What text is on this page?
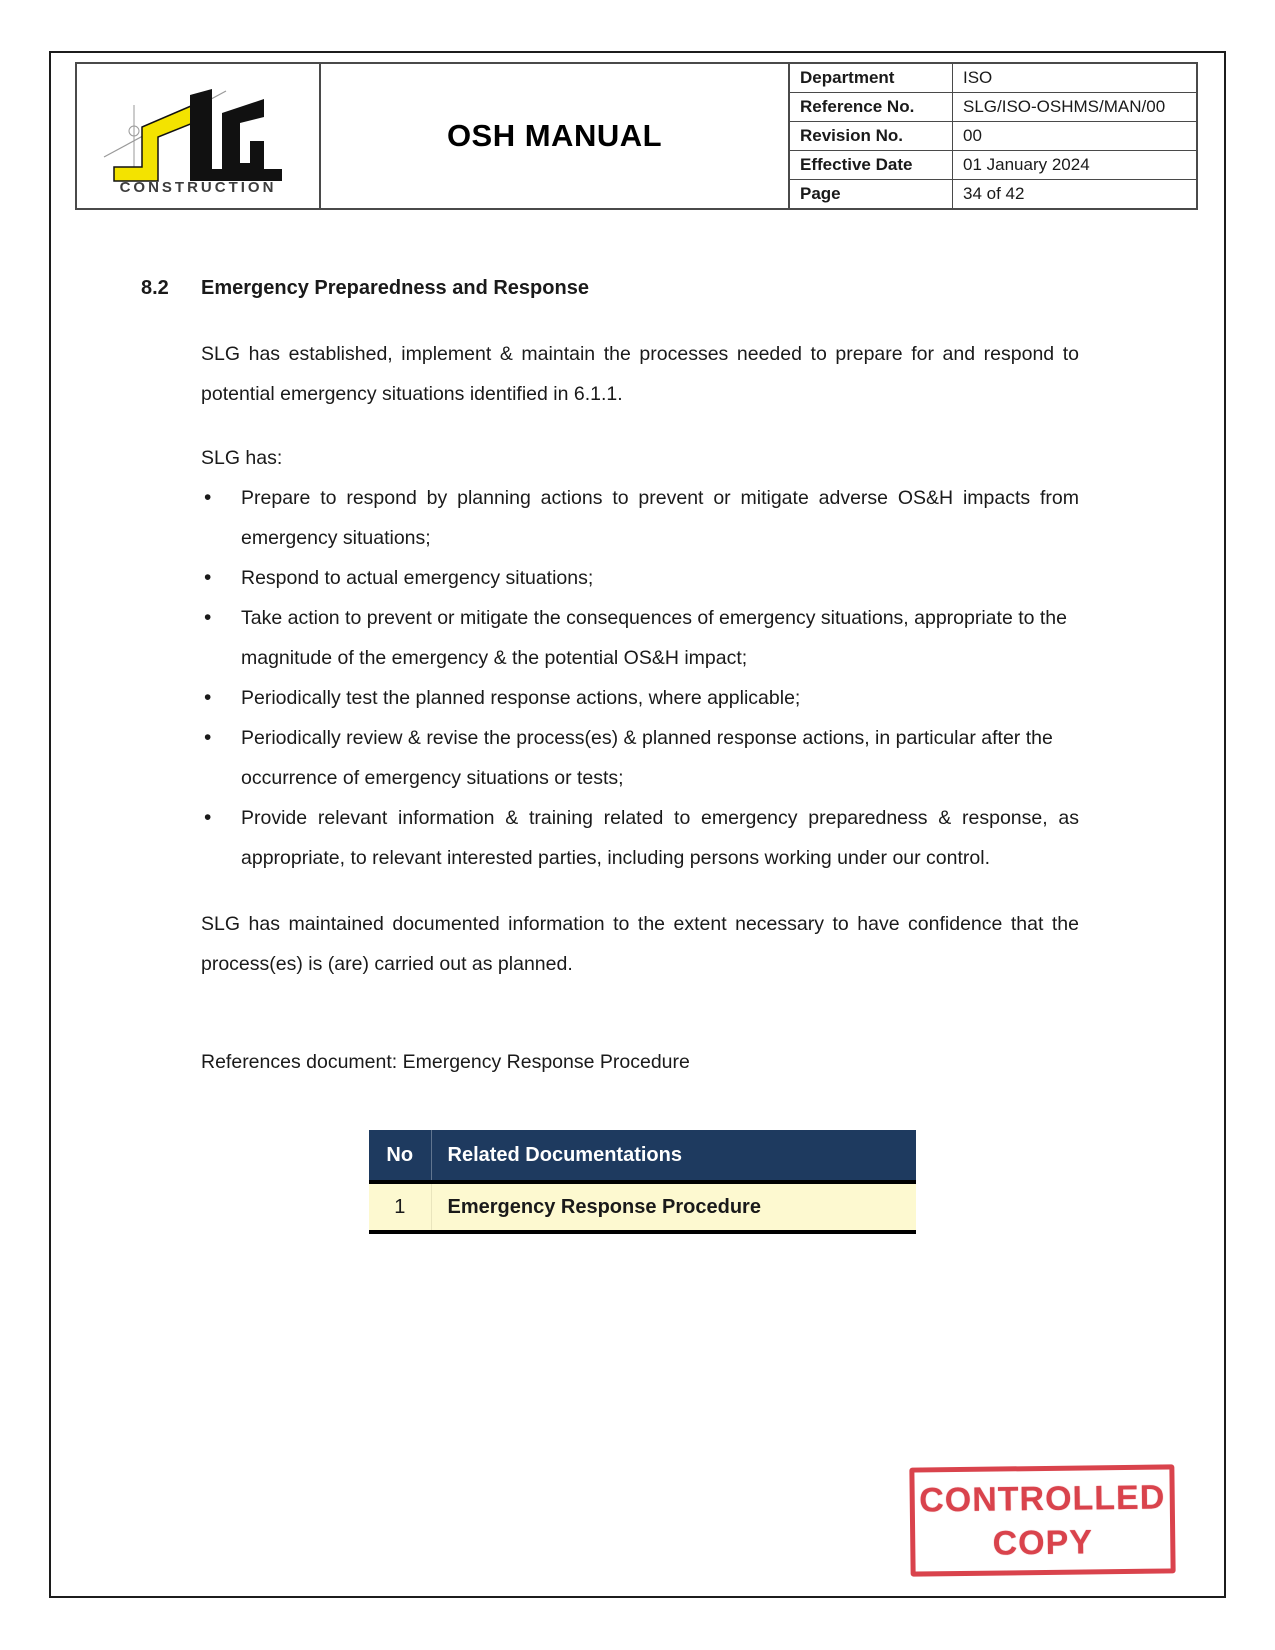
CONSTRUCTION
OSH MANUAL
Department	ISO
Reference No.	SLG/ISO-OSHMS/MAN/00
Revision No.	00
Effective Date	01 January 2024
Page	34 of 42
8.2	Emergency Preparedness and Response

SLG has established, implement & maintain the processes needed to prepare for and respond to potential emergency situations identified in 6.1.1.

SLG has:

• Prepare to respond by planning actions to prevent or mitigate adverse OS&H impacts from emergency situations;
• Respond to actual emergency situations;
• Take action to prevent or mitigate the consequences of emergency situations, appropriate to the magnitude of the emergency & the potential OS&H impact;
• Periodically test the planned response actions, where applicable;
• Periodically review & revise the process(es) & planned response actions, in particular after the occurrence of emergency situations or tests;
• Provide relevant information & training related to emergency preparedness & response, as appropriate, to relevant interested parties, including persons working under our control.

SLG has maintained documented information to the extent necessary to have confidence that the process(es) is (are) carried out as planned.

References document: Emergency Response Procedure

No	Related Documentations
1	Emergency Response Procedure
CONTROLLED
COPY
